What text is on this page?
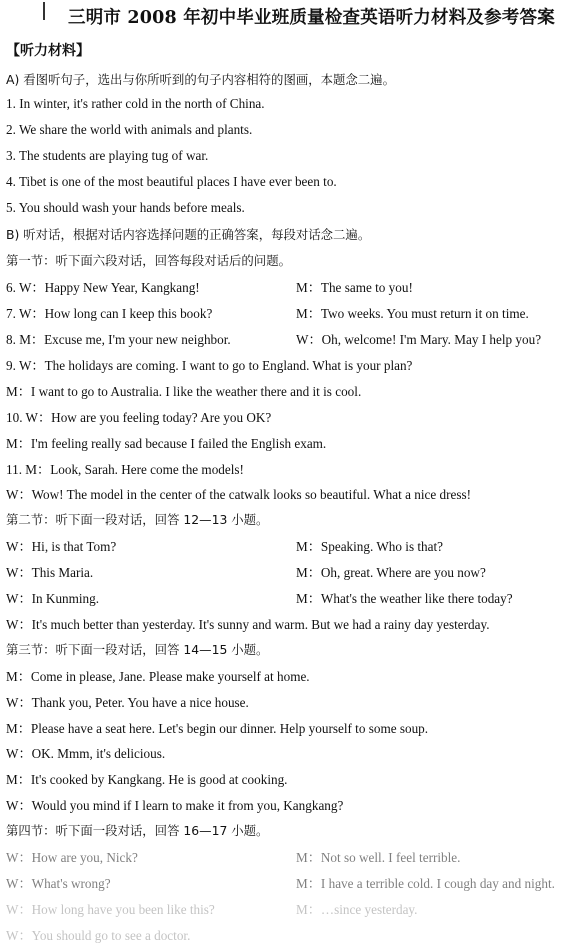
三明市 2008 年初中毕业班质量检查英语听力材料及参考答案
【听力材料】
A) 看图听句子，选出与你所听到的句子内容相符的图画，本题念二遍。
1. In winter, it's rather cold in the north of China.
2. We share the world with animals and plants.
3. The students are playing tug of war.
4. Tibet is one of the most beautiful places I have ever been to.
5. You should wash your hands before meals.
B) 听对话，根据对话内容选择问题的正确答案，每段对话念二遍。
第一节：听下面六段对话，回答每段对话后的问题。
6. W：Happy New Year, Kangkang!	M：The same to you!
7. W：How long can I keep this book?	M：Two weeks. You must return it on time.
8. M：Excuse me, I'm your new neighbor.	W：Oh, welcome! I'm Mary. May I help you?
9. W：The holidays are coming. I want to go to England. What is your plan?
M：I want to go to Australia. I like the weather there and it is cool.
10. W：How are you feeling today? Are you OK?
M：I'm feeling really sad because I failed the English exam.
11. M：Look, Sarah. Here come the models!
W：Wow! The model in the center of the catwalk looks so beautiful. What a nice dress!
第二节：听下面一段对话，回答 12—13 小题。
W：Hi, is that Tom?	M：Speaking. Who is that?
W：This Maria.	M：Oh, great. Where are you now?
W：In Kunming.	M：What's the weather like there today?
W：It's much better than yesterday. It's sunny and warm. But we had a rainy day yesterday.
第三节：听下面一段对话，回答 14—15 小题。
M：Come in please, Jane. Please make yourself at home.
W：Thank you, Peter. You have a nice house.
M：Please have a seat here. Let's begin our dinner. Help yourself to some soup.
W：OK. Mmm, it's delicious.
M：It's cooked by Kangkang. He is good at cooking.
W：Would you mind if I learn to make it from you, Kangkang?
第四节：听下面一段对话，回答 16—17 小题。
W：How are you, Nick?	M：Not so well. I feel terrible.
W：What's wrong?	M：I have a terrible cold. I cough day and night.
W：How long have you been like this?	M：…since yesterday.
W：You should go to see a doctor.
